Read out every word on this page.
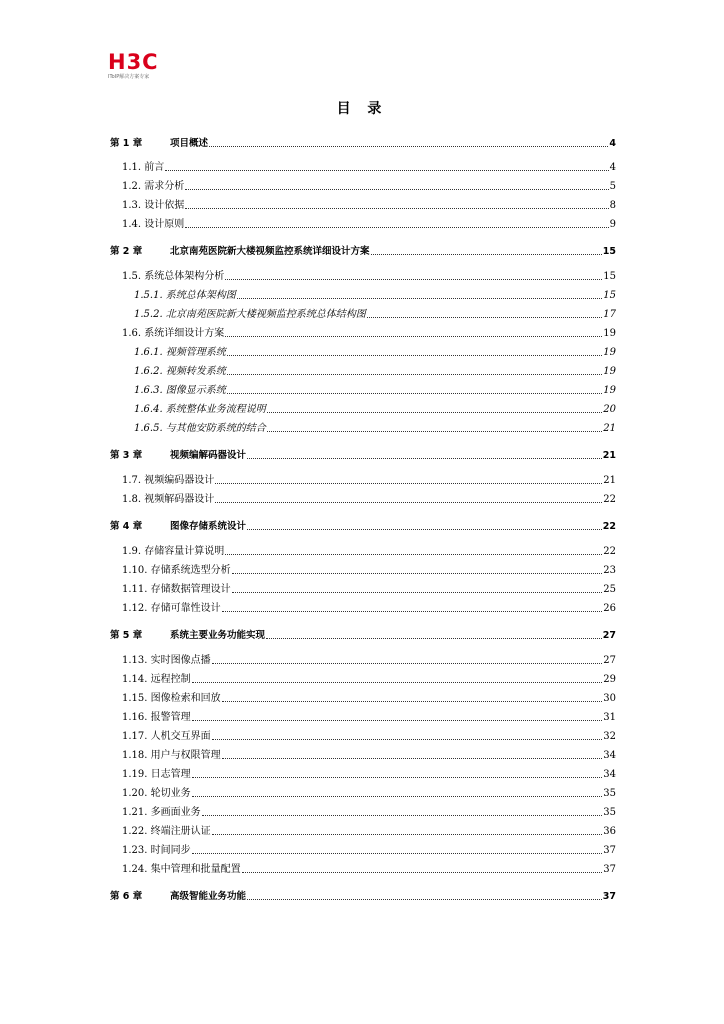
H3C
IToIP解决方案专家
目 录
第 1 章	项目概述	4
1.1. 前言	4
1.2. 需求分析	5
1.3. 设计依据	8
1.4. 设计原则	9
第 2 章	北京南苑医院新大楼视频监控系统详细设计方案	15
1.5. 系统总体架构分析	15
1.5.1. 系统总体架构图	15
1.5.2. 北京南苑医院新大楼视频监控系统总体结构图	17
1.6. 系统详细设计方案	19
1.6.1. 视频管理系统	19
1.6.2. 视频转发系统	19
1.6.3. 图像显示系统	19
1.6.4. 系统整体业务流程说明	20
1.6.5. 与其他安防系统的结合	21
第 3 章	视频编解码器设计	21
1.7. 视频编码器设计	21
1.8. 视频解码器设计	22
第 4 章	图像存储系统设计	22
1.9. 存储容量计算说明	22
1.10. 存储系统选型分析	23
1.11. 存储数据管理设计	25
1.12. 存储可靠性设计	26
第 5 章	系统主要业务功能实现	27
1.13. 实时图像点播	27
1.14. 远程控制	29
1.15. 图像检索和回放	30
1.16. 报警管理	31
1.17. 人机交互界面	32
1.18. 用户与权限管理	34
1.19. 日志管理	34
1.20. 轮切业务	35
1.21. 多画面业务	35
1.22. 终端注册认证	36
1.23. 时间同步	37
1.24. 集中管理和批量配置	37
第 6 章	高级智能业务功能	37
